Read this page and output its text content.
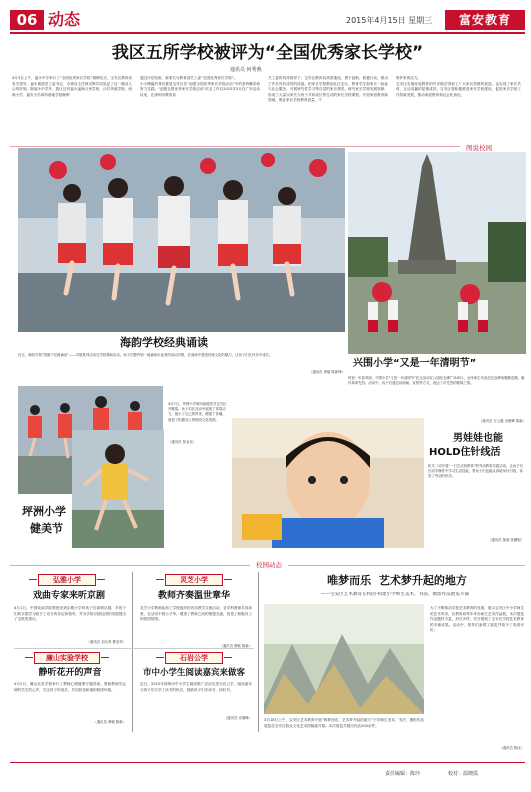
06 动态	2015年4月15日 星期三	富安教育
我区五所学校被评为“全国优秀家长学校”
通讯员 何秀燕
4月3日上午，福永中学举行了“全国优秀家长学校”揭牌仪式。宝安区教育局有关领导，福永街道党工委书记、办事处主任林灵辉共同见证了这一激动人心的时刻。除福永中学外，我区还有福永福海万里学校、沙井华丽学校、西海小学、福安小学四所基地学校顺利
通过评估验收，被命名为教育部关工委“全国优秀家长学校”。
小小牌匾的背后都是宝安区在“创建全国优秀家长学校活动”中的坚持懈求和努力实践。“创建全国优秀家长学校活动”试点工作自2012年3月在广东启动以来，在深圳市教育局
关工委的具体指导下，宝安区教育局高度重视，勇于创新，积极行动，推出了许多具有成效的探索。把家长学校教到社区去办，教育学生和家长一起参与社会服务，开展研究性学习等自觉的家长课堂。研究家长学校发展规律，形成了大量以家长与孩子共同成长等生动的家长学校课程。开拓家庭教育新领域，保证家长学校教育质量，不
维护来的活力。
宝安区实施家庭教育的许多做法得到了广大家长热情的欢迎，也实现了家长共育、互动双赢的显著成效。宝安区将积极推进家长学校建设，促进家长学校工作的新发展，推动家庭教育和社会化育化。
图说校园
海韵学校经典诵读
近日，海韵学校“国旗下经典诵读”——对联系列活动在学校课间启动。孩子们整齐划一地诵读出优美的诗词对联，在诵读中感受传统文化的魅力，让孩子们在快乐中成长。
（通讯员 黄敏 陈新锋）
兴围小学“又是一年清明节”
时值一年春草绿，兴围小学“又是一年清明节”纪念活动在公园纪念碑广场举行。全体师生代表在纪念碑前敬献花圈，缅怀革命先烈。活动中，孩子们通过诗朗诵、宣誓等方式，表达了对先烈的敬仰之情。
（通讯员 万云鑫 宋俊峰 陈新）
坪洲小学
健美节
4月7日，坪洲小学第四届健美节正式拉开帷幕。孩子们在活动中展现了青春活力，展示了自己的风采，增强了体魄，营造了积极向上的校园文化氛围。
（通讯员 张金东）	男娃娃也能
HOLD住针线活
机关二幼开展“一日生活皆教育”的劳动教育实践活动，让孩子们在动手操作中学习生活技能，男孩子们也能认真地穿针引线，体验了劳动的快乐。
（通讯员 陈丽 张鹏程）
校园动态
弘雅小学
戏曲专家来听京剧
4月1日，中国戏曲学院教授来到弘雅小学听孩子们演唱京剧，对孩子们的京剧学习给予了充分的肯定和指导，并为学校京剧社团的发展提出了宝贵的建议。
（通讯员 刘永青 曹爱华）
灵芝小学
教师齐奏温世章华
灵芝小学教师参加了学校组织的音乐教学交流活动，各学科教师共同演奏，在活动中展示才华，增进了教师之间的情感交流，营造了积极向上的校园氛围。
（通讯员 黄敏 陈新）
石岩公学
市中小学生阅读嘉宾来做客
近日，2015年深圳市中小学生阅读推广活动走进石岩公学，阅读嘉宾与孩子们分享了读书的快乐，鼓励孩子们多读书、读好书。
（通讯员 宋继峰）
廉山实验学校
静听花开的声音
4月2日，廉山实验学校举行了教师心理健康专题讲座，帮助教师学会倾听学生的心声，关注孩子的成长，共同营造和谐的校园环境。
（通讯员 黄敏 陈新）
唯梦而乐  艺术梦升起的地方
——宝安区艺术教育在校园·构建小学师生美术、书法、摄影作品展览开幕
3月18日上午，宝安区艺术教育开展“唯梦而乐，艺术梦升起的地方”小学师生美术、书法、摄影作品展览在宝安区群众文化艺术馆隆重开幕。本次展览共展出作品200余件。
为了不断推动学校艺术教育的发展，展示宝安区中小学师生的艺术风采，区教育局每年举办师生艺术作品展。本次展览作品题材丰富，形式多样，充分展现了宝安区学校艺术教育的丰硕成果。活动中，领导们参观了展览并给予了高度评价。
（通讯员 陈纹）
责任编辑：陈玲	校对：温晓霞
